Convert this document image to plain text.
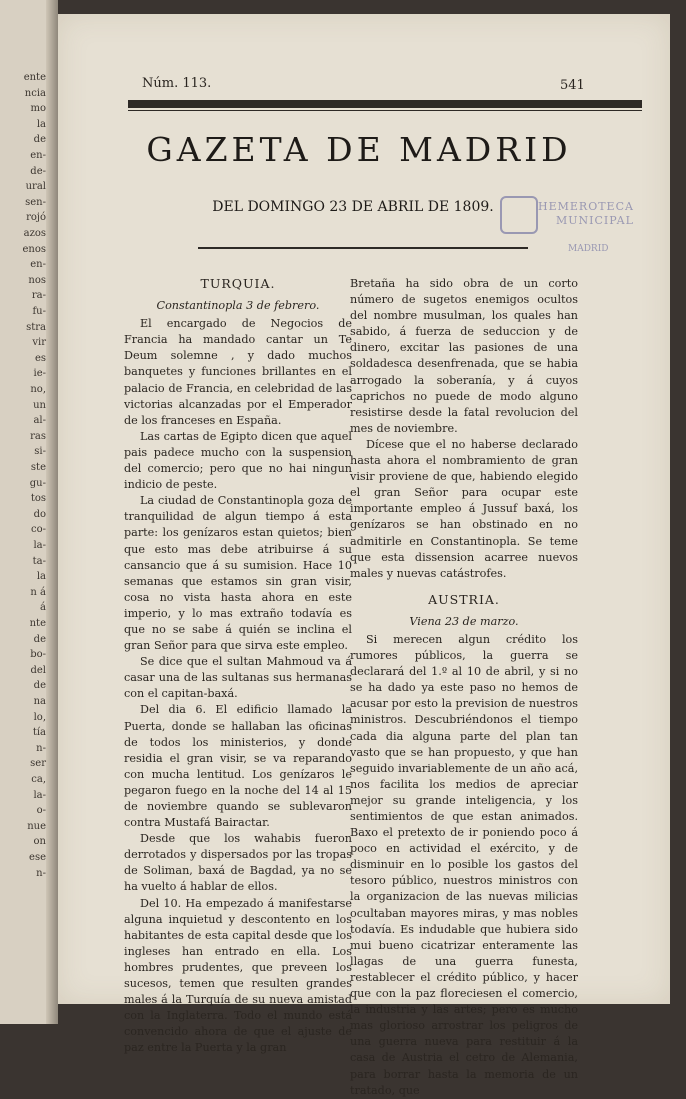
ente
ncia
mo
la
de
en-
de-
ural
sen-
rojó
azos
enos
en-
nos
ra-
fu-
stra
vir
es
ie-
no,
un
al-
ras
si-
ste
gu-
tos
do
co-
la-
ta-
la
n á
á
nte
de
bo-
del
de
na
lo,
tía
n-
ser
ca,
la-
o-
nue
on
ese
n-
Núm. 113.	541
GAZETA DE MADRID
DEL DOMINGO 23 DE ABRIL DE 1809.	HEMEROTECA
MUNICIPAL
MADRID

TURQUIA.

Constantinopla 3 de febrero.

El encargado de Negocios de Francia ha mandado cantar un Te Deum solemne , y dado muchos banquetes y funciones brillantes en el palacio de Francia, en celebridad de las victorias alcanzadas por el Emperador de los franceses en España.

Las cartas de Egipto dicen que aquel pais padece mucho con la suspension del comercio; pero que no hai ningun indicio de peste.

La ciudad de Constantinopla goza de tranquilidad de algun tiempo á esta parte: los genízaros estan quietos; bien que esto mas debe atribuirse á su cansancio que á su sumision. Hace 10 semanas que estamos sin gran visir, cosa no vista hasta ahora en este imperio, y lo mas extraño todavía es que no se sabe á quién se inclina el gran Señor para que sirva este empleo.

Se dice que el sultan Mahmoud va á casar una de las sultanas sus hermanas con el capitan-baxá.

Del dia 6. El edificio llamado la Puerta, donde se hallaban las oficinas de todos los ministerios, y donde residia el gran visir, se va reparando con mucha lentitud. Los genízaros le pegaron fuego en la noche del 14 al 15 de noviembre quando se sublevaron contra Mustafá Bairactar.

Desde que los wahabis fueron derrotados y dispersados por las tropas de Soliman, baxá de Bagdad, ya no se ha vuelto á hablar de ellos.

Del 10. Ha empezado á manifestarse alguna inquietud y descontento en los habitantes de esta capital desde que los ingleses han entrado en ella. Los hombres prudentes, que preveen los sucesos, temen que resulten grandes males á la Turquía de su nueva amistad con la Inglaterra. Todo el mundo está convencido ahora de que el ajuste de paz entre la Puerta y la gran

Bretaña ha sido obra de un corto número de sugetos enemigos ocultos del nombre musulman, los quales han sabido, á fuerza de seduccion y de dinero, excitar las pasiones de una soldadesca desenfrenada, que se habia arrogado la soberanía, y á cuyos caprichos no puede de modo alguno resistirse desde la fatal revolucion del mes de noviembre.

Dícese que el no haberse declarado hasta ahora el nombramiento de gran visir proviene de que, habiendo elegido el gran Señor para ocupar este importante empleo á Jussuf baxá, los genízaros se han obstinado en no admitirle en Constantinopla. Se teme que esta dissension acarree nuevos males y nuevas catástrofes.

AUSTRIA.

Viena 23 de marzo.

Si merecen algun crédito los rumores públicos, la guerra se declarará del 1.º al 10 de abril, y si no se ha dado ya este paso no hemos de acusar por esto la prevision de nuestros ministros. Descubriéndonos el tiempo cada dia alguna parte del plan tan vasto que se han propuesto, y que han seguido invariablemente de un año acá, nos facilita los medios de apreciar mejor su grande inteligencia, y los sentimientos de que estan animados. Baxo el pretexto de ir poniendo poco á poco en actividad el exército, y de disminuir en lo posible los gastos del tesoro público, nuestros ministros con la organizacion de las nuevas milicias ocultaban mayores miras, y mas nobles todavía. Es indudable que hubiera sido mui bueno cicatrizar enteramente las llagas de una guerra funesta, restablecer el crédito público, y hacer que con la paz floreciesen el comercio, la industria y las artes; pero es mucho mas glorioso arrostrar los peligros de una guerra nueva para restituir á la casa de Austria el cetro de Alemania, para borrar hasta la memoria de un tratado, que
